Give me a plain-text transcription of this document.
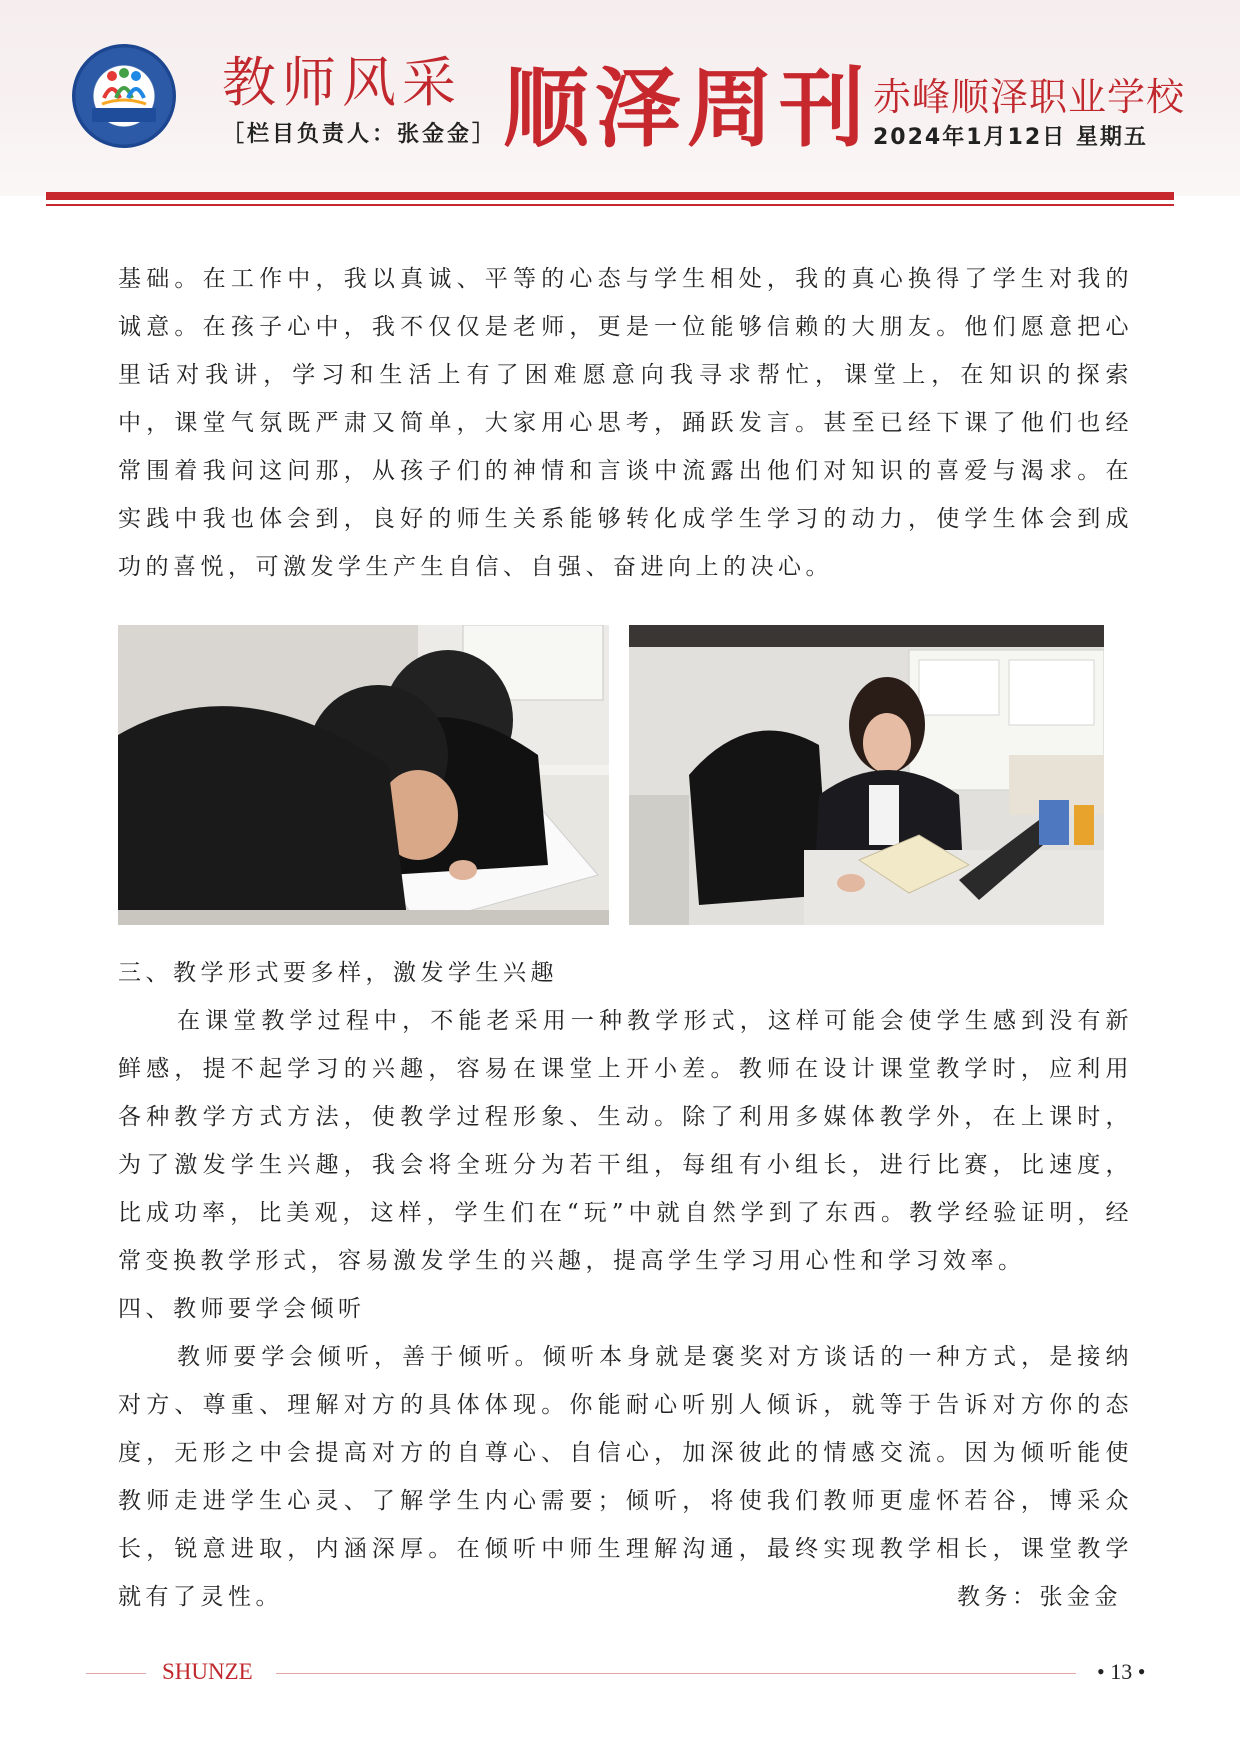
教师风采
［栏目负责人：张金金］ 顺泽周刊 赤峰顺泽职业学校
2024年1月12日 星期五

基础。在工作中，我以真诚、平等的心态与学生相处，我的真心换得了学生对我的诚意。在孩子心中，我不仅仅是老师，更是一位能够信赖的大朋友。他们愿意把心里话对我讲，学习和生活上有了困难愿意向我寻求帮忙，课堂上，在知识的探索中，课堂气氛既严肃又简单，大家用心思考，踊跃发言。甚至已经下课了他们也经常围着我问这问那，从孩子们的神情和言谈中流露出他们对知识的喜爱与渴求。在实践中我也体会到，良好的师生关系能够转化成学生学习的动力，使学生体会到成功的喜悦，可激发学生产生自信、自强、奋进向上的决心。

三、教学形式要多样，激发学生兴趣

在课堂教学过程中，不能老采用一种教学形式，这样可能会使学生感到没有新鲜感，提不起学习的兴趣，容易在课堂上开小差。教师在设计课堂教学时，应利用各种教学方式方法，使教学过程形象、生动。除了利用多媒体教学外，在上课时，为了激发学生兴趣，我会将全班分为若干组，每组有小组长，进行比赛，比速度，比成功率，比美观，这样，学生们在“玩”中就自然学到了东西。教学经验证明，经常变换教学形式，容易激发学生的兴趣，提高学生学习用心性和学习效率。

四、教师要学会倾听

教师要学会倾听，善于倾听。倾听本身就是褒奖对方谈话的一种方式，是接纳对方、尊重、理解对方的具体体现。你能耐心听别人倾诉，就等于告诉对方你的态度，无形之中会提高对方的自尊心、自信心，加深彼此的情感交流。因为倾听能使教师走进学生心灵、了解学生内心需要；倾听，将使我们教师更虚怀若谷，博采众长，锐意进取，内涵深厚。在倾听中师生理解沟通，最终实现教学相长，课堂教学就有了灵性。	教务：张金金
SHUNZE	• 13 •
